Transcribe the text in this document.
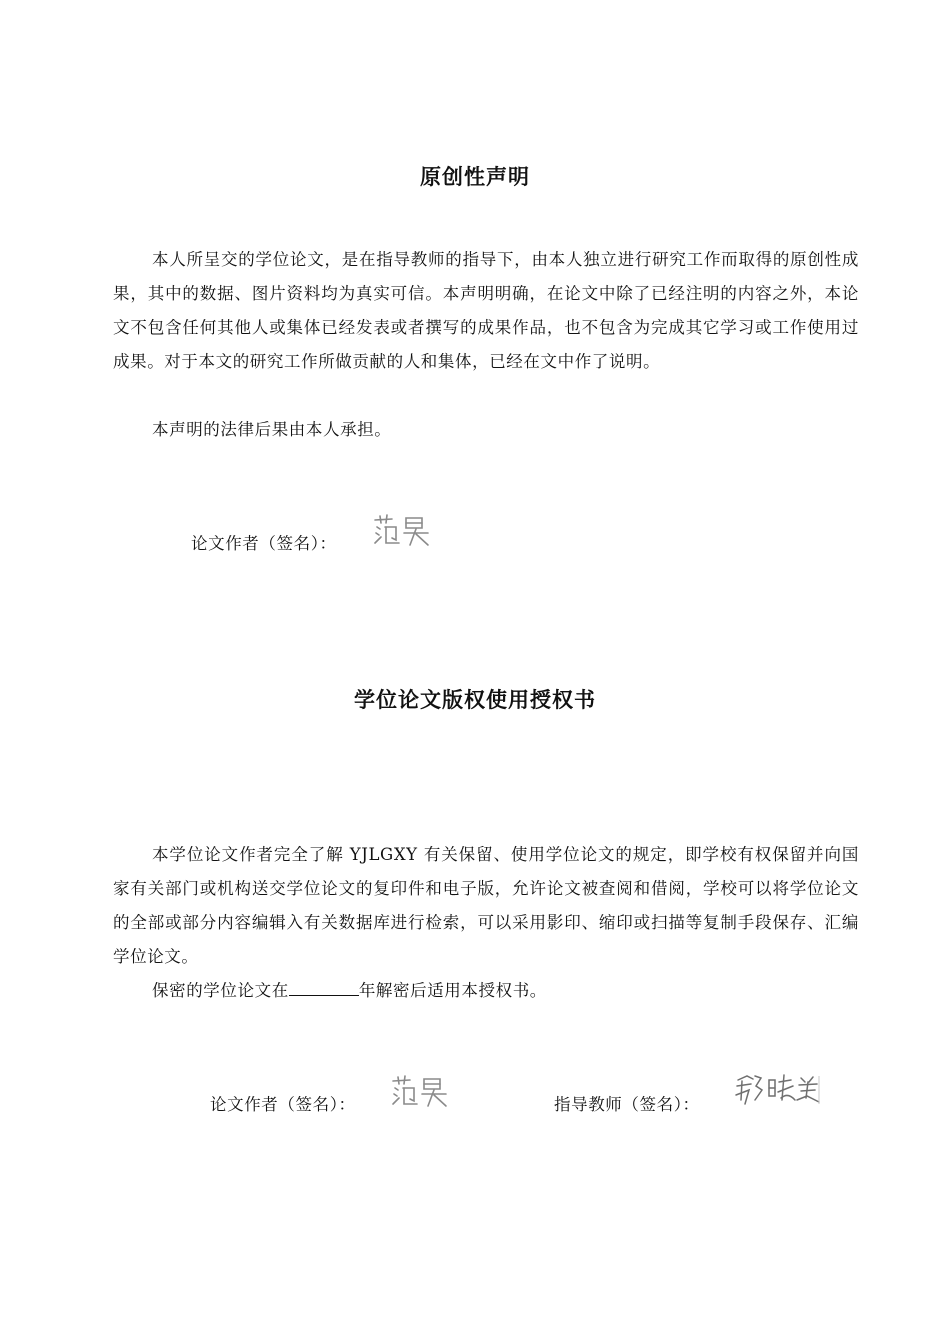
原创性声明

本人所呈交的学位论文，是在指导教师的指导下，由本人独立进行研究工作而取得的原创性成果，其中的数据、图片资料均为真实可信。本声明明确，在论文中除了已经注明的内容之外，本论文不包含任何其他人或集体已经发表或者撰写的成果作品，也不包含为完成其它学习或工作使用过成果。对于本文的研究工作所做贡献的人和集体，已经在文中作了说明。

本声明的法律后果由本人承担。

论文作者（签名）：
学位论文版权使用授权书

本学位论文作者完全了解 YJLGXY 有关保留、使用学位论文的规定，即学校有权保留并向国家有关部门或机构送交学位论文的复印件和电子版，允许论文被查阅和借阅，学校可以将学位论文的全部或部分内容编辑入有关数据库进行检索，可以采用影印、缩印或扫描等复制手段保存、汇编学位论文。

保密的学位论文在	年解密后适用本授权书。
论文作者（签名）：	指导教师（签名）：
